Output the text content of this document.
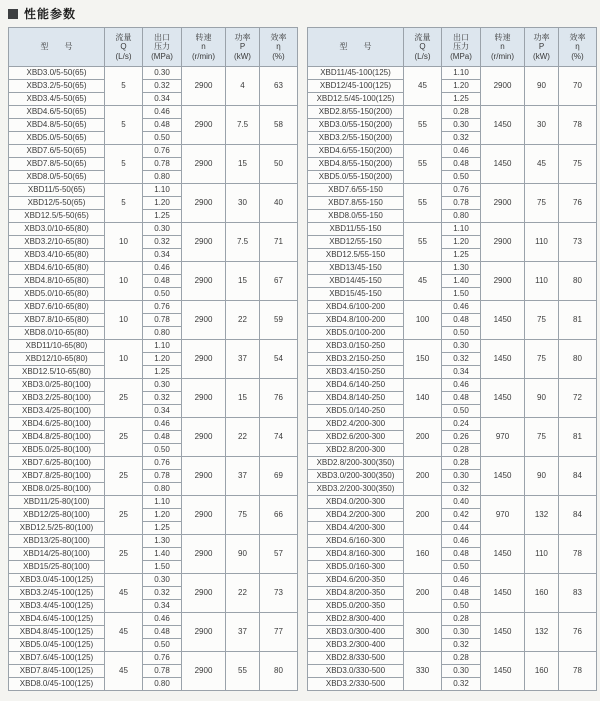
性能参数
型　　号	流量
Q
(L/s)	出口
压力
(MPa)	转速
n
(r/min)	功率
P
(kW)	效率
η
(%)

XBD3.0/5-50(65)	5	0.30	2900	4	63
XBD3.2/5-50(65)		0.32			
XBD3.4/5-50(65)		0.34			
XBD4.6/5-50(65)	5	0.46	2900	7.5	58
XBD4.8/5-50(65)		0.48			
XBD5.0/5-50(65)		0.50			
XBD7.6/5-50(65)	5	0.76	2900	15	50
XBD7.8/5-50(65)		0.78			
XBD8.0/5-50(65)		0.80			
XBD11/5-50(65)	5	1.10	2900	30	40
XBD12/5-50(65)		1.20			
XBD12.5/5-50(65)		1.25			
XBD3.0/10-65(80)	10	0.30	2900	7.5	71
XBD3.2/10-65(80)		0.32			
XBD3.4/10-65(80)		0.34			
XBD4.6/10-65(80)	10	0.46	2900	15	67
XBD4.8/10-65(80)		0.48			
XBD5.0/10-65(80)		0.50			
XBD7.6/10-65(80)	10	0.76	2900	22	59
XBD7.8/10-65(80)		0.78			
XBD8.0/10-65(80)		0.80			
XBD11/10-65(80)	10	1.10	2900	37	54
XBD12/10-65(80)		1.20			
XBD12.5/10-65(80)		1.25			
XBD3.0/25-80(100)	25	0.30	2900	15	76
XBD3.2/25-80(100)		0.32			
XBD3.4/25-80(100)		0.34			
XBD4.6/25-80(100)	25	0.46	2900	22	74
XBD4.8/25-80(100)		0.48			
XBD5.0/25-80(100)		0.50			
XBD7.6/25-80(100)	25	0.76	2900	37	69
XBD7.8/25-80(100)		0.78			
XBD8.0/25-80(100)		0.80			
XBD11/25-80(100)	25	1.10	2900	75	66
XBD12/25-80(100)		1.20			
XBD12.5/25-80(100)		1.25			
XBD13/25-80(100)	25	1.30	2900	90	57
XBD14/25-80(100)		1.40			
XBD15/25-80(100)		1.50			
XBD3.0/45-100(125)	45	0.30	2900	22	73
XBD3.2/45-100(125)		0.32			
XBD3.4/45-100(125)		0.34			
XBD4.6/45-100(125)	45	0.46	2900	37	77
XBD4.8/45-100(125)		0.48			
XBD5.0/45-100(125)		0.50			
XBD7.6/45-100(125)	45	0.76	2900	55	80
XBD7.8/45-100(125)		0.78			
XBD8.0/45-100(125)		0.80			
型　　号	流量
Q
(L/s)	出口
压力
(MPa)	转速
n
(r/min)	功率
P
(kW)	效率
η
(%)

XBD11/45-100(125)	45	1.10	2900	90	70
XBD12/45-100(125)		1.20			
XBD12.5/45-100(125)		1.25			
XBD2.8/55-150(200)	55	0.28	1450	30	78
XBD3.0/55-150(200)		0.30			
XBD3.2/55-150(200)		0.32			
XBD4.6/55-150(200)	55	0.46	1450	45	75
XBD4.8/55-150(200)		0.48			
XBD5.0/55-150(200)		0.50			
XBD7.6/55-150	55	0.76	2900	75	76
XBD7.8/55-150		0.78			
XBD8.0/55-150		0.80			
XBD11/55-150	55	1.10	2900	110	73
XBD12/55-150		1.20			
XBD12.5/55-150		1.25			
XBD13/45-150	45	1.30	2900	110	80
XBD14/45-150		1.40			
XBD15/45-150		1.50			
XBD4.6/100-200	100	0.46	1450	75	81
XBD4.8/100-200		0.48			
XBD5.0/100-200		0.50			
XBD3.0/150-250	150	0.30	1450	75	80
XBD3.2/150-250		0.32			
XBD3.4/150-250		0.34			
XBD4.6/140-250	140	0.46	1450	90	72
XBD4.8/140-250		0.48			
XBD5.0/140-250		0.50			
XBD2.4/200-300	200	0.24	970	75	81
XBD2.6/200-300		0.26			
XBD2.8/200-300		0.28			
XBD2.8/200-300(350)	200	0.28	1450	90	84
XBD3.0/200-300(350)		0.30			
XBD3.2/200-300(350)		0.32			
XBD4.0/200-300	200	0.40	970	132	84
XBD4.2/200-300		0.42			
XBD4.4/200-300		0.44			
XBD4.6/160-300	160	0.46	1450	110	78
XBD4.8/160-300		0.48			
XBD5.0/160-300		0.50			
XBD4.6/200-350	200	0.46	1450	160	83
XBD4.8/200-350		0.48			
XBD5.0/200-350		0.50			
XBD2.8/300-400	300	0.28	1450	132	76
XBD3.0/300-400		0.30			
XBD3.2/300-400		0.32			
XBD2.8/330-500	330	0.28	1450	160	78
XBD3.0/330-500		0.30			
XBD3.2/330-500		0.32			
